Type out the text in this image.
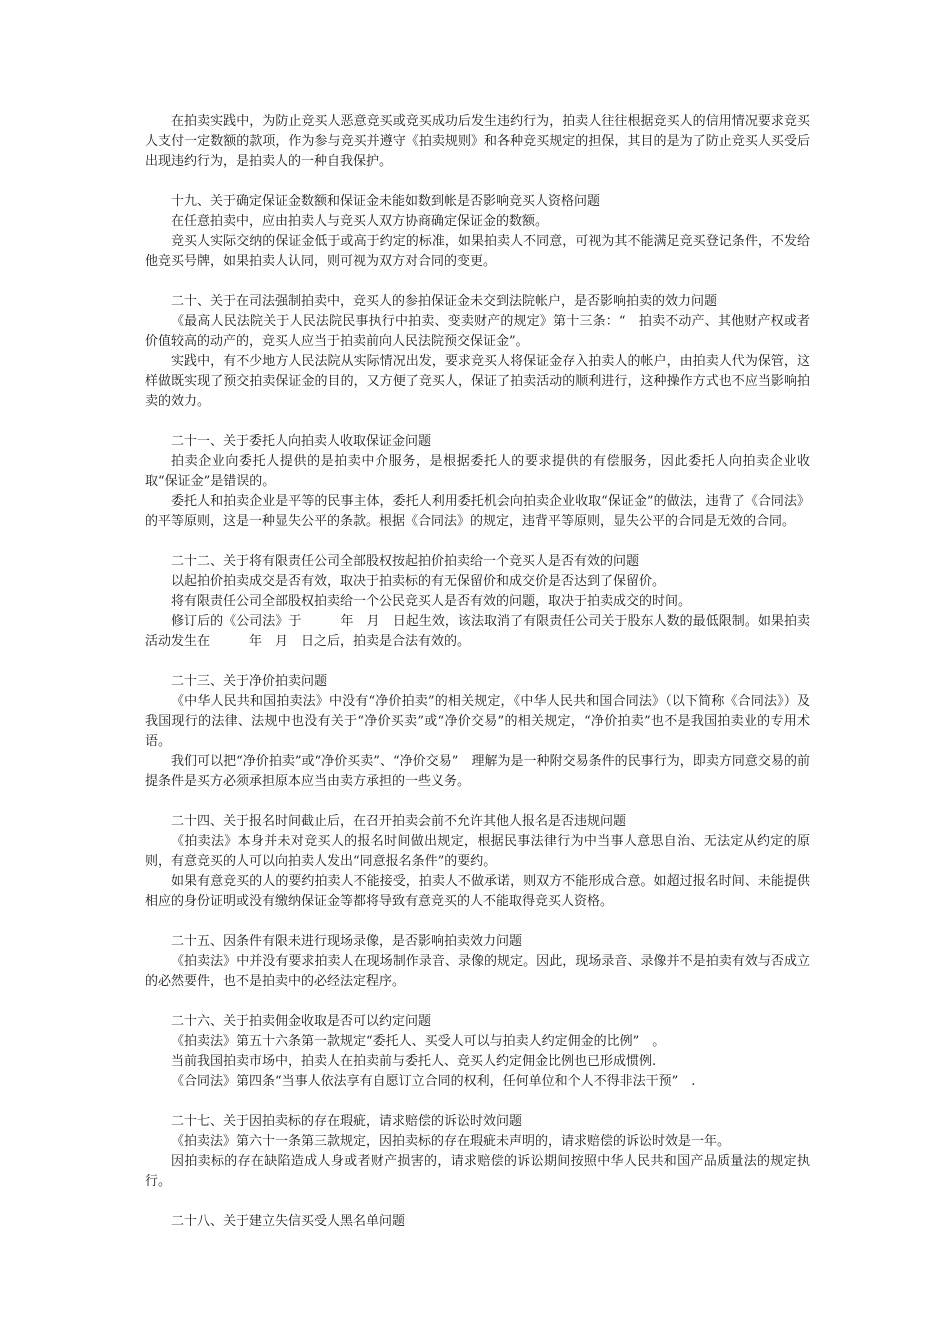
在拍卖实践中，为防止竞买人恶意竞买或竞买成功后发生违约行为，拍卖人往往根据竞买人的信用情况要求竞买人支付一定数额的款项，作为参与竞买并遵守《拍卖规则》和各种竞买规定的担保，其目的是为了防止竞买人买受后出现违约行为，是拍卖人的一种自我保护。

十九、关于确定保证金数额和保证金未能如数到帐是否影响竞买人资格问题

在任意拍卖中，应由拍卖人与竞买人双方协商确定保证金的数额。

竞买人实际交纳的保证金低于或高于约定的标准，如果拍卖人不同意，可视为其不能满足竞买登记条件，不发给他竞买号牌，如果拍卖人认同，则可视为双方对合同的变更。

二十、关于在司法强制拍卖中，竞买人的参拍保证金未交到法院帐户，是否影响拍卖的效力问题

《最高人民法院关于人民法院民事执行中拍卖、变卖财产的规定》第十三条：“　拍卖不动产、其他财产权或者价值较高的动产的，竞买人应当于拍卖前向人民法院预交保证金”。

实践中，有不少地方人民法院从实际情况出发，要求竞买人将保证金存入拍卖人的帐户，由拍卖人代为保管，这样做既实现了预交拍卖保证金的目的，又方便了竞买人，保证了拍卖活动的顺利进行，这种操作方式也不应当影响拍卖的效力。

二十一、关于委托人向拍卖人收取保证金问题

拍卖企业向委托人提供的是拍卖中介服务，是根据委托人的要求提供的有偿服务，因此委托人向拍卖企业收取“保证金”是错误的。

委托人和拍卖企业是平等的民事主体，委托人利用委托机会向拍卖企业收取“保证金”的做法，违背了《合同法》的平等原则，这是一种显失公平的条款。根据《合同法》的规定，违背平等原则，显失公平的合同是无效的合同。

二十二、关于将有限责任公司全部股权按起拍价拍卖给一个竞买人是否有效的问题

以起拍价拍卖成交是否有效，取决于拍卖标的有无保留价和成交价是否达到了保留价。

将有限责任公司全部股权拍卖给一个公民竞买人是否有效的问题，取决于拍卖成交的时间。

修订后的《公司法》于　　　年　月　日起生效，该法取消了有限责任公司关于股东人数的最低限制。如果拍卖活动发生在　　　年　月　日之后，拍卖是合法有效的。

二十三、关于净价拍卖问题

《中华人民共和国拍卖法》中没有“净价拍卖”的相关规定，《中华人民共和国合同法》（以下简称《合同法》）及我国现行的法律、法规中也没有关于“净价买卖”或“净价交易”的相关规定，“净价拍卖”也不是我国拍卖业的专用术语。

我们可以把“净价拍卖”或“净价买卖”、“净价交易”　理解为是一种附交易条件的民事行为，即卖方同意交易的前提条件是买方必须承担原本应当由卖方承担的一些义务。

二十四、关于报名时间截止后，在召开拍卖会前不允许其他人报名是否违规问题

《拍卖法》本身并未对竞买人的报名时间做出规定，根据民事法律行为中当事人意思自治、无法定从约定的原则，有意竞买的人可以向拍卖人发出“同意报名条件”的要约。

如果有意竞买的人的要约拍卖人不能接受，拍卖人不做承诺，则双方不能形成合意。如超过报名时间、未能提供相应的身份证明或没有缴纳保证金等都将导致有意竞买的人不能取得竞买人资格。

二十五、因条件有限未进行现场录像，是否影响拍卖效力问题

《拍卖法》中并没有要求拍卖人在现场制作录音、录像的规定。因此，现场录音、录像并不是拍卖有效与否成立的必然要件，也不是拍卖中的必经法定程序。

二十六、关于拍卖佣金收取是否可以约定问题

《拍卖法》第五十六条第一款规定“委托人、买受人可以与拍卖人约定佣金的比例”　。

当前我国拍卖市场中，拍卖人在拍卖前与委托人、竞买人约定佣金比例也已形成惯例.

《合同法》第四条“当事人依法享有自愿订立合同的权利，任何单位和个人不得非法干预”　.

二十七、关于因拍卖标的存在瑕疵，请求赔偿的诉讼时效问题

《拍卖法》第六十一条第三款规定，因拍卖标的存在瑕疵未声明的，请求赔偿的诉讼时效是一年。

因拍卖标的存在缺陷造成人身或者财产损害的，请求赔偿的诉讼期间按照中华人民共和国产品质量法的规定执行。

二十八、关于建立失信买受人黑名单问题
